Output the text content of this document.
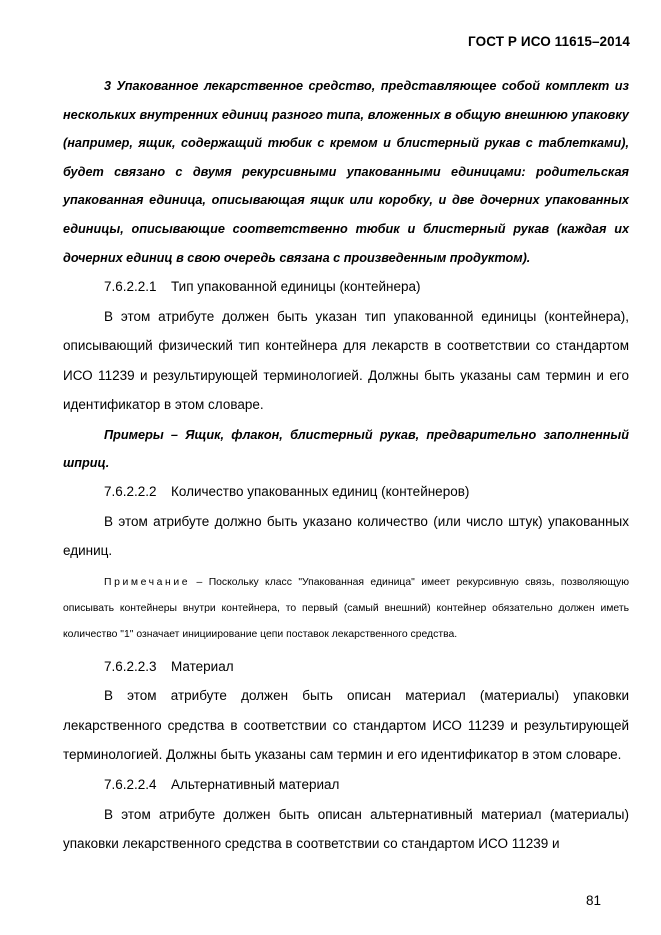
ГОСТ Р ИСО 11615–2014

3 Упакованное лекарственное средство, представляющее собой комплект из нескольких внутренних единиц разного типа, вложенных в общую внешнюю упаковку (например, ящик, содержащий тюбик с кремом и блистерный рукав с таблетками), будет связано с двумя рекурсивными упакованными единицами: родительская упакованная единица, описывающая ящик или коробку, и две дочерних упакованных единицы, описывающие соответственно тюбик и блистерный рукав (каждая их дочерних единиц в свою очередь связана с произведенным продуктом).

7.6.2.2.1 Тип упакованной единицы (контейнера)

В этом атрибуте должен быть указан тип упакованной единицы (контейнера), описывающий физический тип контейнера для лекарств в соответствии со стандартом ИСО 11239 и результирующей терминологией. Должны быть указаны сам термин и его идентификатор в этом словаре.

Примеры – Ящик, флакон, блистерный рукав, предварительно заполненный шприц.

7.6.2.2.2 Количество упакованных единиц (контейнеров)

В этом атрибуте должно быть указано количество (или число штук) упакованных единиц.

Примечание – Поскольку класс "Упакованная единица" имеет рекурсивную связь, позволяющую описывать контейнеры внутри контейнера, то первый (самый внешний) контейнер обязательно должен иметь количество "1" означает инициирование цепи поставок лекарственного средства.

7.6.2.2.3 Материал

В этом атрибуте должен быть описан материал (материалы) упаковки лекарственного средства в соответствии со стандартом ИСО 11239 и результирующей терминологией. Должны быть указаны сам термин и его идентификатор в этом словаре.

7.6.2.2.4 Альтернативный материал

В этом атрибуте должен быть описан альтернативный материал (материалы) упаковки лекарственного средства в соответствии со стандартом ИСО 11239 и

81
